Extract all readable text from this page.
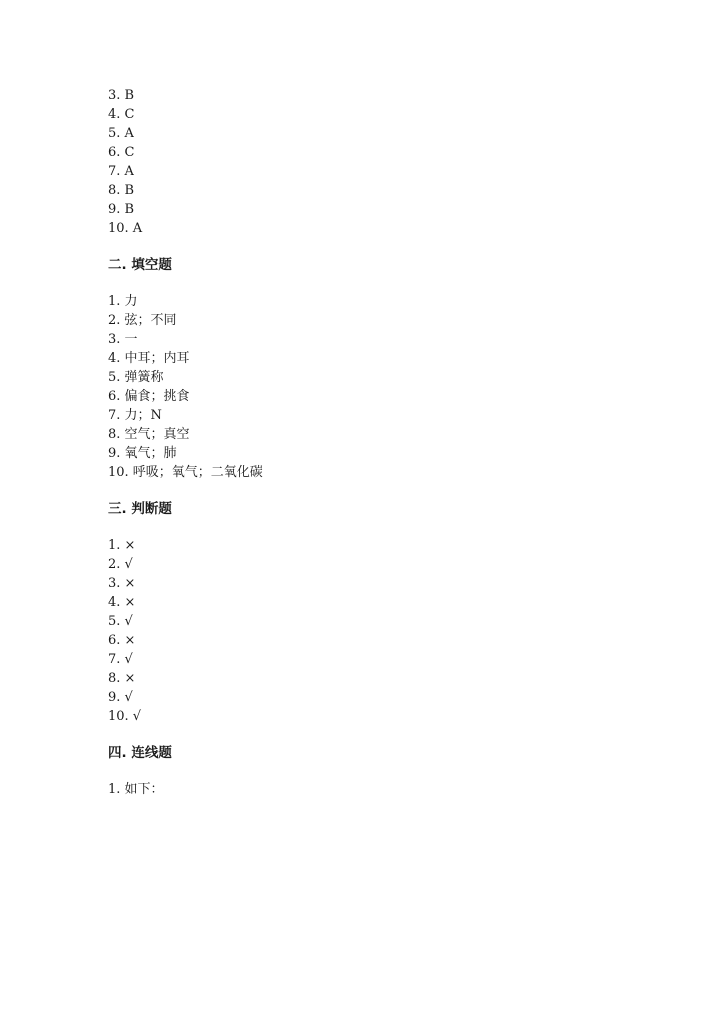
3. B
4. C
5. A
6. C
7. A
8. B
9. B
10. A
二. 填空题
1. 力
2. 弦；不同
3. 一
4. 中耳；内耳
5. 弹簧称
6. 偏食；挑食
7. 力；N
8. 空气；真空
9. 氧气；肺
10. 呼吸；氧气；二氧化碳
三. 判断题
1. ×
2. √
3. ×
4. ×
5. √
6. ×
7. √
8. ×
9. √
10. √
四. 连线题
1. 如下：
